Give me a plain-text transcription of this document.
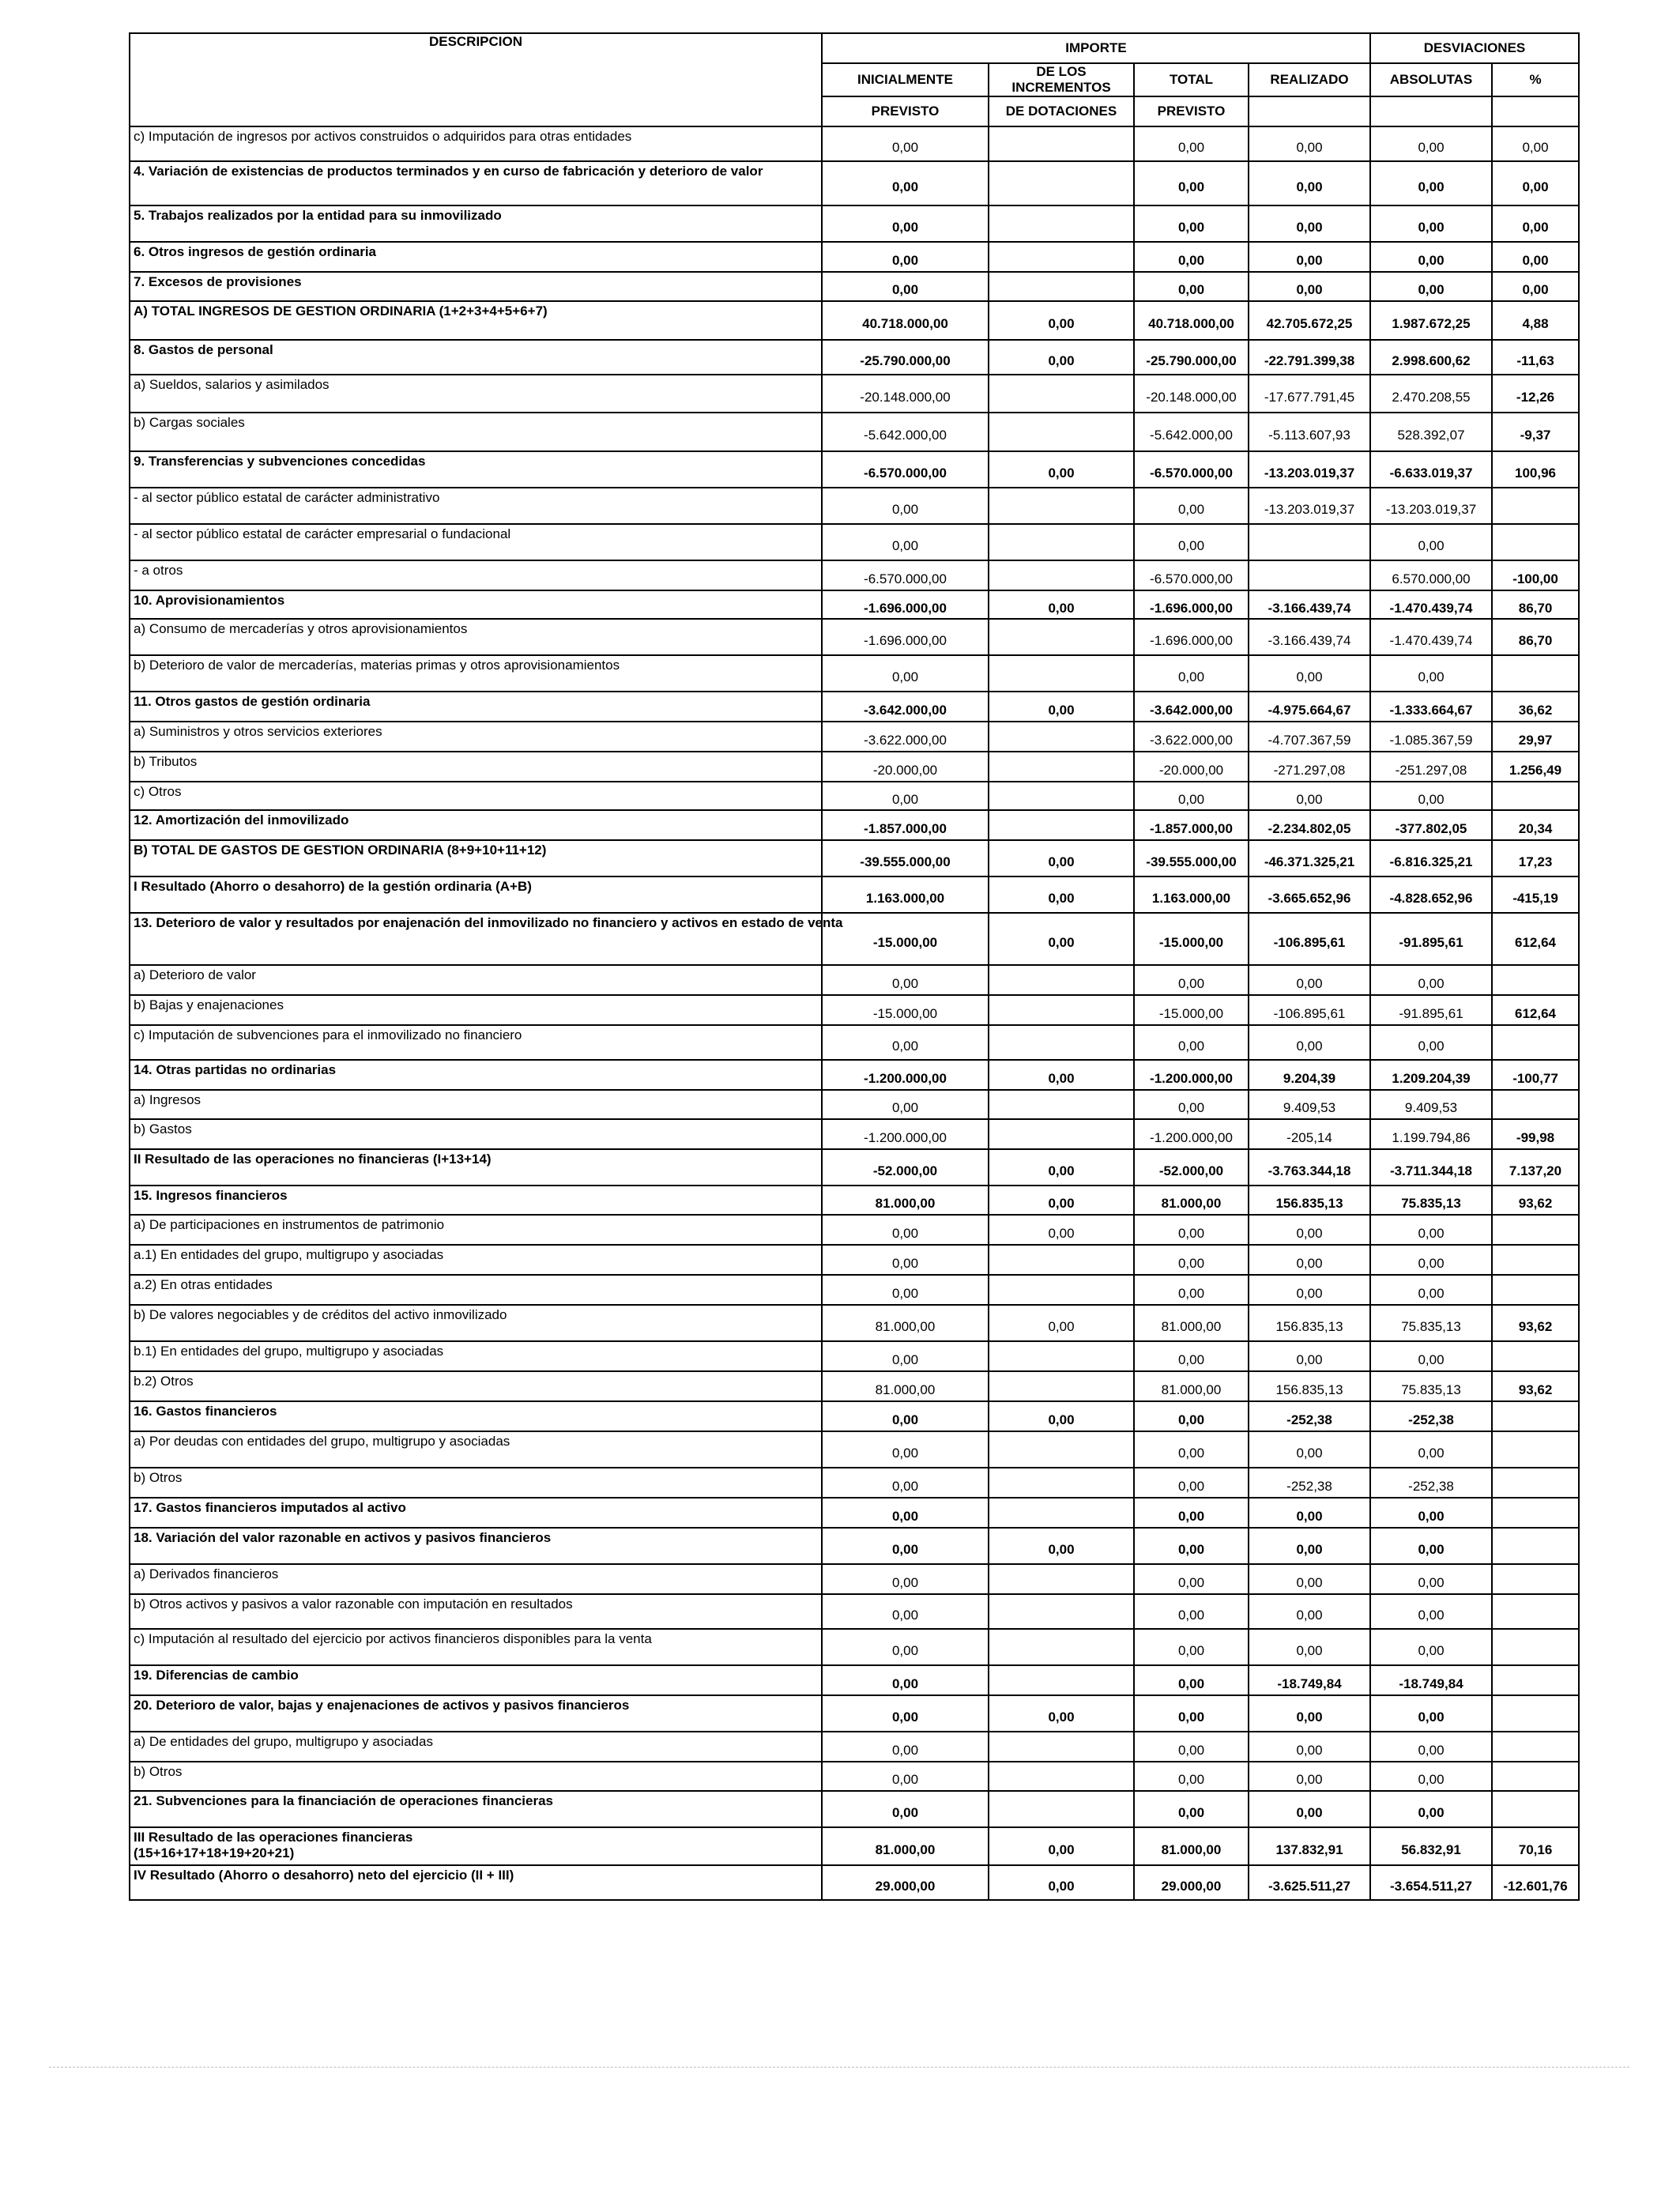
DESCRIPCION	IMPORTE				DESVIACIONES	
	INICIALMENTE	DE LOS INCREMENTOS	TOTAL	REALIZADO	ABSOLUTAS	%
	PREVISTO	DE DOTACIONES	PREVISTO			
c) Imputación de ingresos por activos construidos o adquiridos para otras entidades	0,00		0,00	0,00	0,00	0,00
4. Variación de existencias de productos terminados y en curso de fabricación y deterioro de valor	0,00		0,00	0,00	0,00	0,00
5. Trabajos realizados por la entidad para su inmovilizado	0,00		0,00	0,00	0,00	0,00
6. Otros ingresos de gestión ordinaria	0,00		0,00	0,00	0,00	0,00
7. Excesos de provisiones	0,00		0,00	0,00	0,00	0,00
A) TOTAL INGRESOS DE GESTION ORDINARIA (1+2+3+4+5+6+7)	40.718.000,00	0,00	40.718.000,00	42.705.672,25	1.987.672,25	4,88
8. Gastos de personal	-25.790.000,00	0,00	-25.790.000,00	-22.791.399,38	2.998.600,62	-11,63
a) Sueldos, salarios y asimilados	-20.148.000,00		-20.148.000,00	-17.677.791,45	2.470.208,55	-12,26
b) Cargas sociales	-5.642.000,00		-5.642.000,00	-5.113.607,93	528.392,07	-9,37
9. Transferencias y subvenciones concedidas	-6.570.000,00	0,00	-6.570.000,00	-13.203.019,37	-6.633.019,37	100,96
- al sector público estatal de carácter administrativo	0,00		0,00	-13.203.019,37	-13.203.019,37	
- al sector público estatal de carácter empresarial o fundacional	0,00		0,00		0,00	
- a otros	-6.570.000,00		-6.570.000,00		6.570.000,00	-100,00
10. Aprovisionamientos	-1.696.000,00	0,00	-1.696.000,00	-3.166.439,74	-1.470.439,74	86,70
a) Consumo de mercaderías y otros aprovisionamientos	-1.696.000,00		-1.696.000,00	-3.166.439,74	-1.470.439,74	86,70
b) Deterioro de valor de mercaderías, materias primas y otros aprovisionamientos	0,00		0,00	0,00	0,00	
11. Otros gastos de gestión ordinaria	-3.642.000,00	0,00	-3.642.000,00	-4.975.664,67	-1.333.664,67	36,62
a) Suministros y otros servicios exteriores	-3.622.000,00		-3.622.000,00	-4.707.367,59	-1.085.367,59	29,97
b) Tributos	-20.000,00		-20.000,00	-271.297,08	-251.297,08	1.256,49
c) Otros	0,00		0,00	0,00	0,00	
12. Amortización del inmovilizado	-1.857.000,00		-1.857.000,00	-2.234.802,05	-377.802,05	20,34
B) TOTAL DE GASTOS DE GESTION ORDINARIA (8+9+10+11+12)	-39.555.000,00	0,00	-39.555.000,00	-46.371.325,21	-6.816.325,21	17,23
I Resultado (Ahorro o desahorro) de la gestión ordinaria (A+B)	1.163.000,00	0,00	1.163.000,00	-3.665.652,96	-4.828.652,96	-415,19
13. Deterioro de valor y resultados por enajenación del inmovilizado no financiero y activos en estado de venta	-15.000,00	0,00	-15.000,00	-106.895,61	-91.895,61	612,64
a) Deterioro de valor	0,00		0,00	0,00	0,00	
b) Bajas y enajenaciones	-15.000,00		-15.000,00	-106.895,61	-91.895,61	612,64
c) Imputación de subvenciones para el inmovilizado no financiero	0,00		0,00	0,00	0,00	
14. Otras partidas no ordinarias	-1.200.000,00	0,00	-1.200.000,00	9.204,39	1.209.204,39	-100,77
a) Ingresos	0,00		0,00	9.409,53	9.409,53	
b) Gastos	-1.200.000,00		-1.200.000,00	-205,14	1.199.794,86	-99,98
II Resultado de las operaciones no financieras (I+13+14)	-52.000,00	0,00	-52.000,00	-3.763.344,18	-3.711.344,18	7.137,20
15. Ingresos financieros	81.000,00	0,00	81.000,00	156.835,13	75.835,13	93,62
a) De participaciones en instrumentos de patrimonio	0,00	0,00	0,00	0,00	0,00	
a.1) En entidades del grupo, multigrupo y asociadas	0,00		0,00	0,00	0,00	
a.2) En otras entidades	0,00		0,00	0,00	0,00	
b) De valores negociables y de créditos del activo inmovilizado	81.000,00	0,00	81.000,00	156.835,13	75.835,13	93,62
b.1) En entidades del grupo, multigrupo y asociadas	0,00		0,00	0,00	0,00	
b.2) Otros	81.000,00		81.000,00	156.835,13	75.835,13	93,62
16. Gastos financieros	0,00	0,00	0,00	-252,38	-252,38	
a) Por deudas con entidades del grupo, multigrupo y asociadas	0,00		0,00	0,00	0,00	
b) Otros	0,00		0,00	-252,38	-252,38	
17. Gastos financieros imputados al activo	0,00		0,00	0,00	0,00	
18. Variación del valor razonable en activos y pasivos financieros	0,00	0,00	0,00	0,00	0,00	
a) Derivados financieros	0,00		0,00	0,00	0,00	
b) Otros activos y pasivos a valor razonable con imputación en resultados	0,00		0,00	0,00	0,00	
c) Imputación al resultado del ejercicio por activos financieros disponibles para la venta	0,00		0,00	0,00	0,00	
19. Diferencias de cambio	0,00		0,00	-18.749,84	-18.749,84	
20. Deterioro de valor, bajas y enajenaciones de activos y pasivos financieros	0,00	0,00	0,00	0,00	0,00	
a) De entidades del grupo, multigrupo y asociadas	0,00		0,00	0,00	0,00	
b) Otros	0,00		0,00	0,00	0,00	
21. Subvenciones para la financiación de operaciones financieras	0,00		0,00	0,00	0,00	
III Resultado de las operaciones financieras
(15+16+17+18+19+20+21)	81.000,00	0,00	81.000,00	137.832,91	56.832,91	70,16
IV Resultado (Ahorro o desahorro) neto del ejercicio (II + III)	29.000,00	0,00	29.000,00	-3.625.511,27	-3.654.511,27	-12.601,76
